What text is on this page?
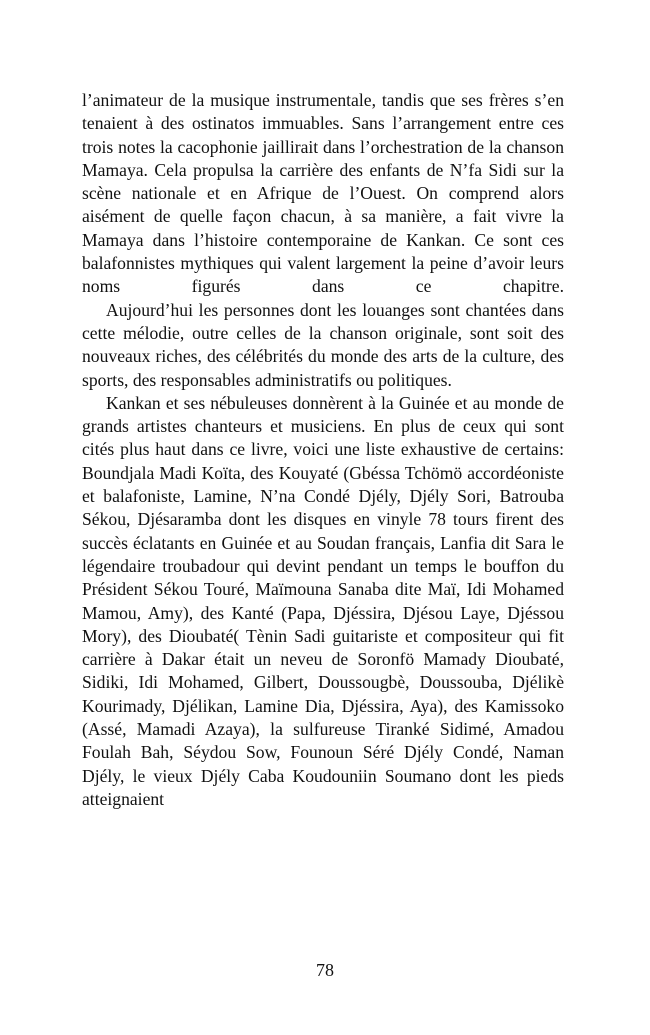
l’animateur de la musique instrumentale, tandis que ses frères s’en tenaient à des ostinatos immuables. Sans l’arrangement entre ces trois notes la cacophonie jaillirait dans l’orchestration de la chanson Mamaya. Cela propulsa la carrière des enfants de N’fa Sidi sur la scène nationale et en Afrique de l’Ouest. On comprend alors aisément de quelle façon chacun, à sa manière, a fait vivre la Mamaya dans l’histoire contemporaine de Kankan. Ce sont ces balafonnistes mythiques qui valent largement la peine d’avoir leurs noms figurés dans ce chapitre.

Aujourd’hui les personnes dont les louanges sont chantées dans cette mélodie, outre celles de la chanson originale, sont soit des nouveaux riches, des célébrités du monde des arts de la culture, des sports, des responsables administratifs ou politiques.

Kankan et ses nébuleuses donnèrent à la Guinée et au monde de grands artistes chanteurs et musiciens. En plus de ceux qui sont cités plus haut dans ce livre, voici une liste exhaustive de certains: Boundjala Madi Koïta, des Kouyaté (Gbéssa Tchömö accordéoniste et balafoniste, Lamine, N’na Condé Djély, Djély Sori, Batrouba Sékou, Djésaramba dont les disques en vinyle 78 tours firent des succès éclatants en Guinée et au Soudan français, Lanfia dit Sara le légendaire troubadour qui devint pendant un temps le bouffon du Président Sékou Touré, Maïmouna Sanaba dite Maï, Idi Mohamed Mamou, Amy), des Kanté (Papa, Djéssira, Djésou Laye, Djéssou Mory), des Dioubaté( Tènin Sadi guitariste et compositeur qui fit carrière à Dakar était un neveu de Soronfö Mamady Dioubaté, Sidiki, Idi Mohamed, Gilbert, Doussougbè, Doussouba, Djélikè Kourimady, Djélikan, Lamine Dia, Djéssira, Aya), des Kamissoko (Assé, Mamadi Azaya), la sulfureuse Tiranké Sidimé, Amadou Foulah Bah, Séydou Sow, Founoun Séré Djély Condé, Naman Djély, le vieux Djély Caba Koudouniin Soumano dont les pieds atteignaient

78
